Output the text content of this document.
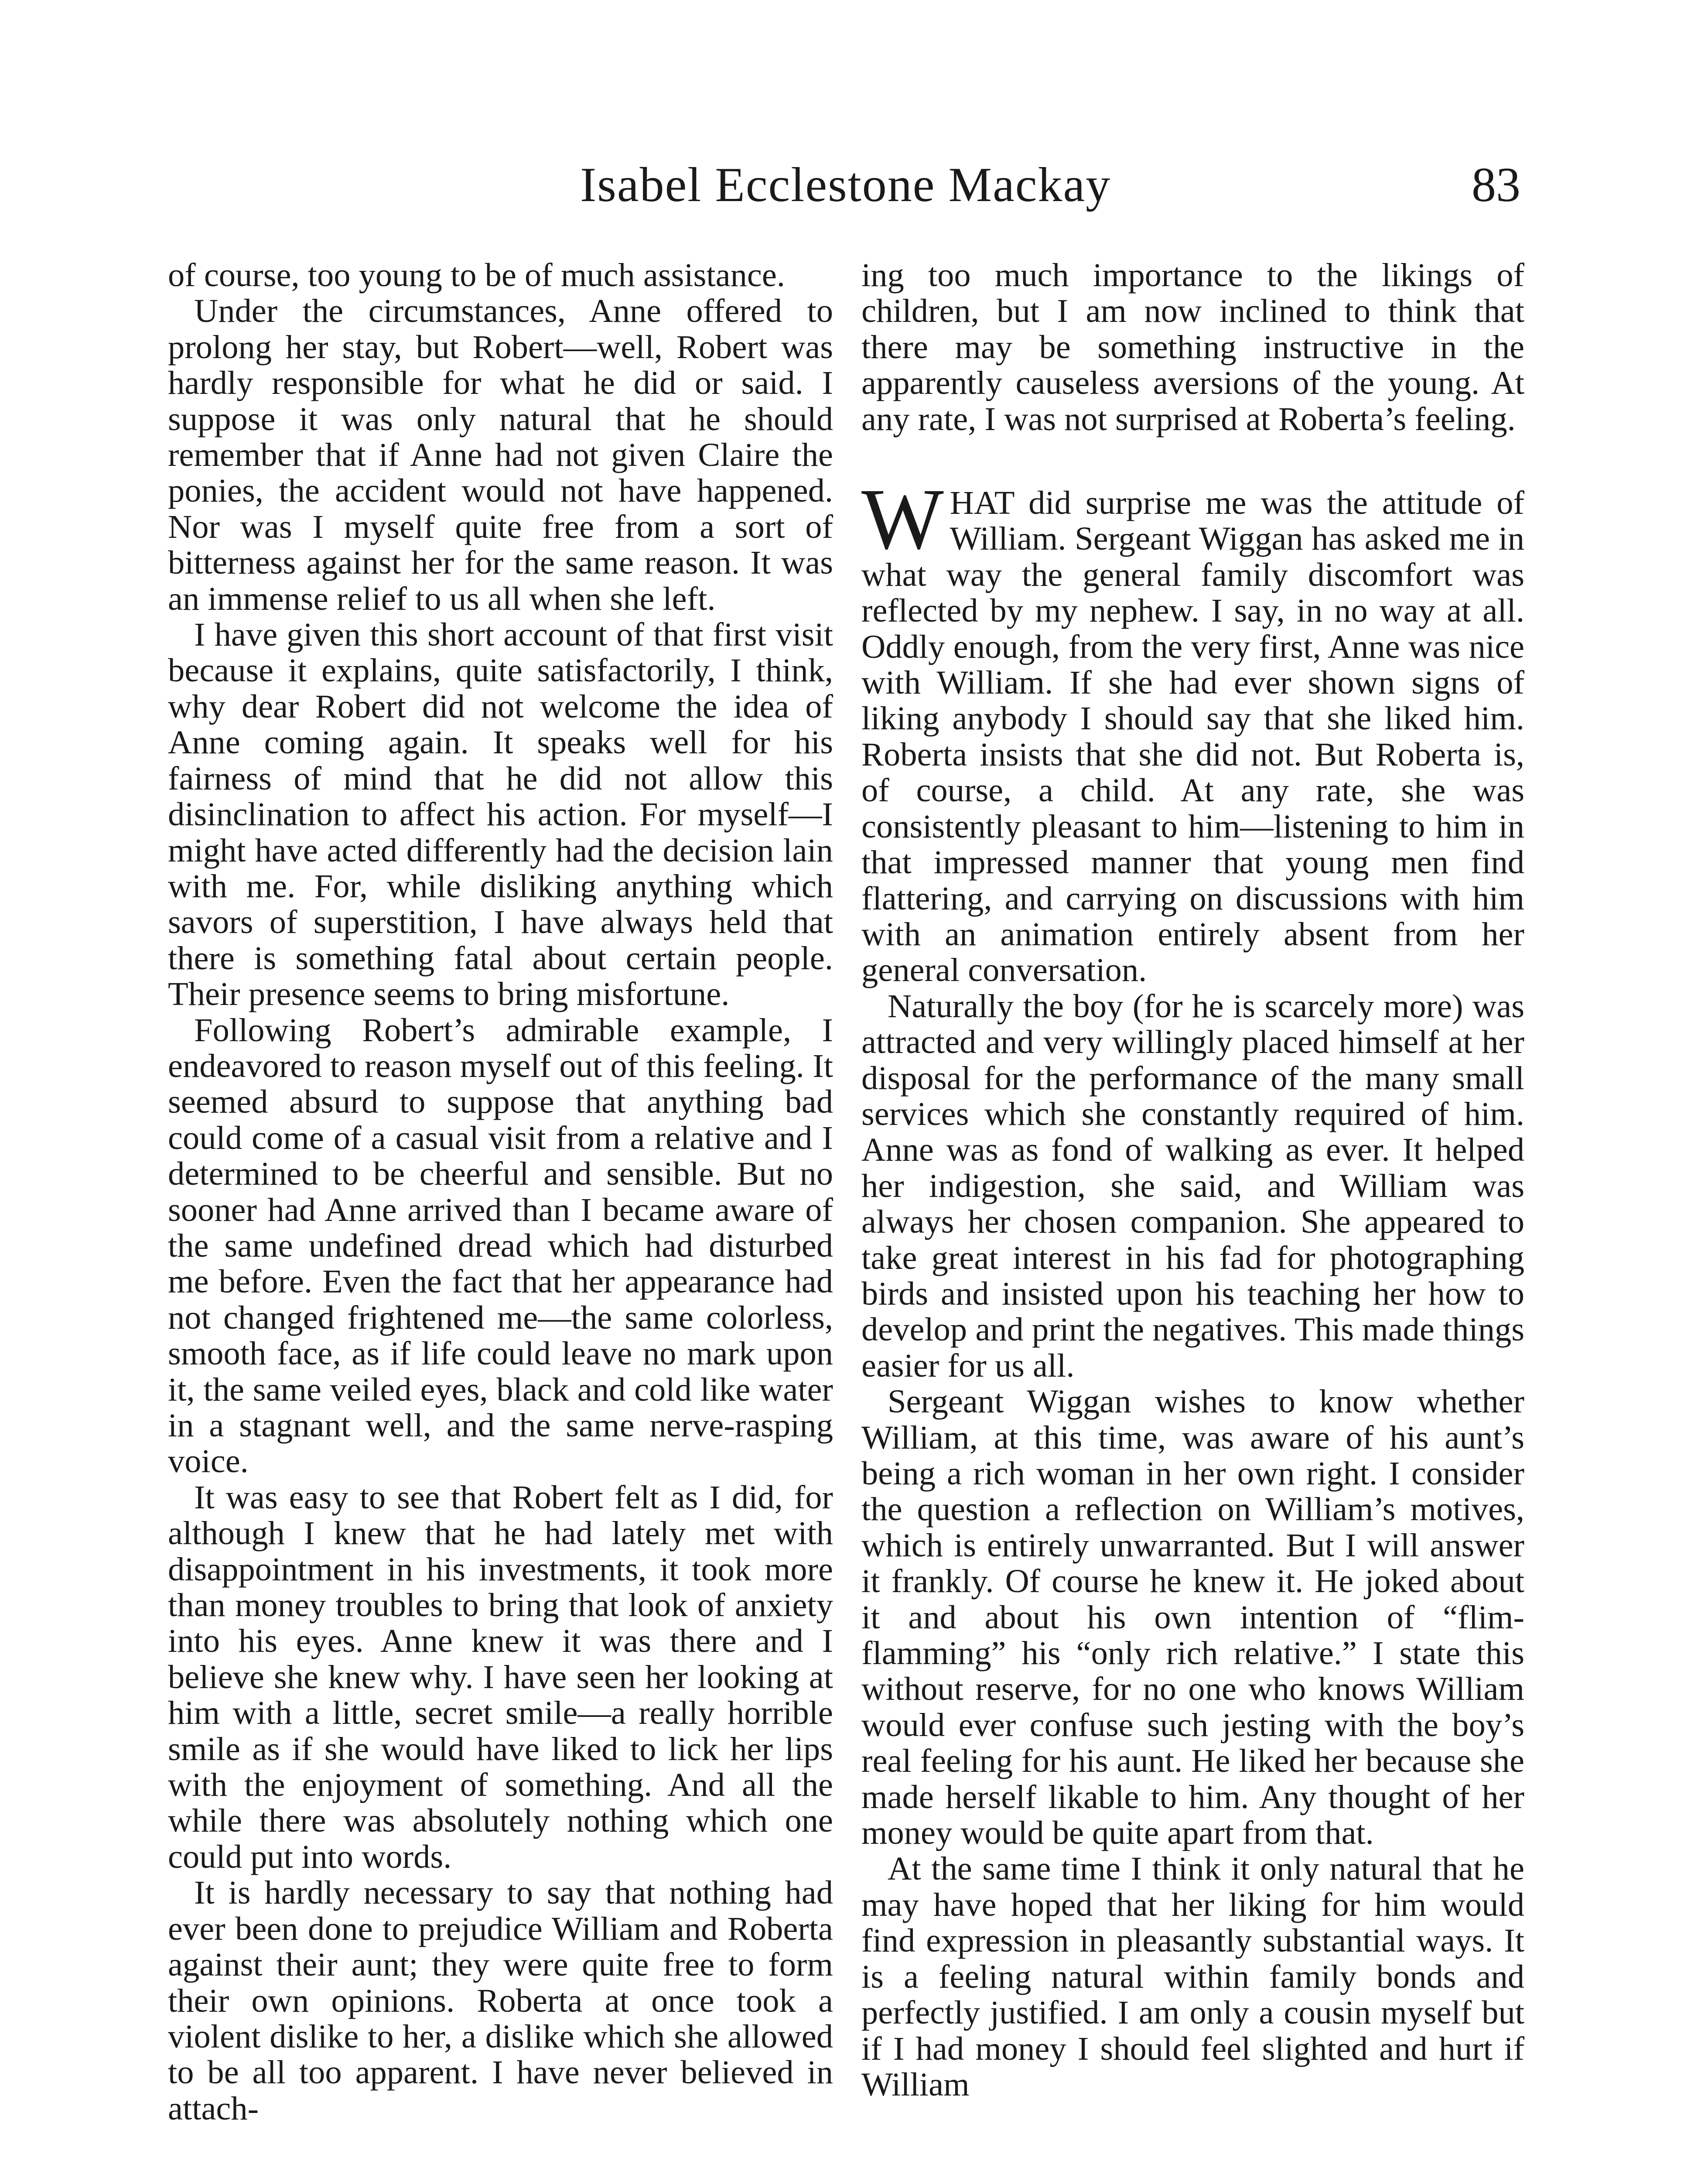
Isabel Ecclestone Mackay	83

of course, too young to be of much assistance.

Under the circumstances, Anne offered to prolong her stay, but Robert—well, Robert was hardly responsible for what he did or said. I suppose it was only natural that he should remember that if Anne had not given Claire the ponies, the accident would not have happened. Nor was I myself quite free from a sort of bitterness against her for the same reason. It was an immense relief to us all when she left.

I have given this short account of that first visit because it explains, quite satisfactorily, I think, why dear Robert did not welcome the idea of Anne coming again. It speaks well for his fairness of mind that he did not allow this disinclination to affect his action. For myself—I might have acted differently had the decision lain with me. For, while disliking anything which savors of superstition, I have always held that there is something fatal about certain people. Their presence seems to bring misfortune.

Following Robert’s admirable example, I endeavored to reason myself out of this feeling. It seemed absurd to suppose that anything bad could come of a casual visit from a relative and I determined to be cheerful and sensible. But no sooner had Anne arrived than I became aware of the same undefined dread which had disturbed me before. Even the fact that her appearance had not changed frightened me—the same colorless, smooth face, as if life could leave no mark upon it, the same veiled eyes, black and cold like water in a stagnant well, and the same nerve-rasping voice.

It was easy to see that Robert felt as I did, for although I knew that he had lately met with disappointment in his investments, it took more than money troubles to bring that look of anxiety into his eyes. Anne knew it was there and I believe she knew why. I have seen her looking at him with a little, secret smile—a really horrible smile as if she would have liked to lick her lips with the enjoyment of something. And all the while there was absolutely nothing which one could put into words.

It is hardly necessary to say that nothing had ever been done to prejudice William and Roberta against their aunt; they were quite free to form their own opinions. Roberta at once took a violent dislike to her, a dislike which she allowed to be all too apparent. I have never believed in attach-

ing too much importance to the likings of children, but I am now inclined to think that there may be something instructive in the apparently causeless aversions of the young. At any rate, I was not surprised at Roberta’s feeling.

WHAT did surprise me was the attitude of William. Sergeant Wiggan has asked me in what way the general family discomfort was reflected by my nephew. I say, in no way at all. Oddly enough, from the very first, Anne was nice with William. If she had ever shown signs of liking anybody I should say that she liked him. Roberta insists that she did not. But Roberta is, of course, a child. At any rate, she was consistently pleasant to him—listening to him in that impressed manner that young men find flattering, and carrying on discussions with him with an animation entirely absent from her general conversation.

Naturally the boy (for he is scarcely more) was attracted and very willingly placed himself at her disposal for the performance of the many small services which she constantly required of him. Anne was as fond of walking as ever. It helped her indigestion, she said, and William was always her chosen companion. She appeared to take great interest in his fad for photographing birds and insisted upon his teaching her how to develop and print the negatives. This made things easier for us all.

Sergeant Wiggan wishes to know whether William, at this time, was aware of his aunt’s being a rich woman in her own right. I consider the question a reflection on William’s motives, which is entirely unwarranted. But I will answer it frankly. Of course he knew it. He joked about it and about his own intention of “flim-flamming” his “only rich relative.” I state this without reserve, for no one who knows William would ever confuse such jesting with the boy’s real feeling for his aunt. He liked her because she made herself likable to him. Any thought of her money would be quite apart from that.

At the same time I think it only natural that he may have hoped that her liking for him would find expression in pleasantly substantial ways. It is a feeling natural within family bonds and perfectly justified. I am only a cousin myself but if I had money I should feel slighted and hurt if William
